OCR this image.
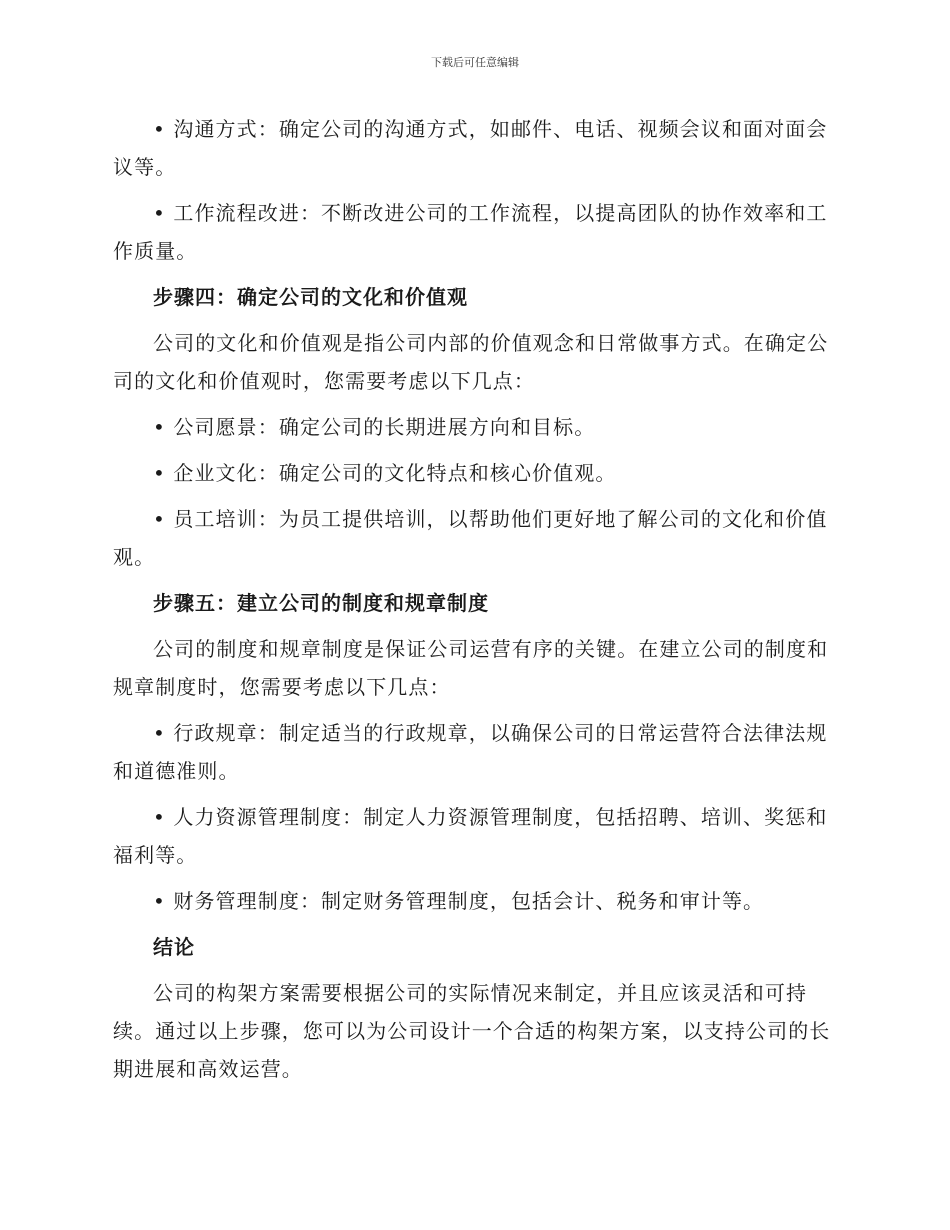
下载后可任意编辑

• 沟通方式：确定公司的沟通方式，如邮件、电话、视频会议和面对面会议等。

• 工作流程改进：不断改进公司的工作流程，以提高团队的协作效率和工作质量。

步骤四：确定公司的文化和价值观

公司的文化和价值观是指公司内部的价值观念和日常做事方式。在确定公司的文化和价值观时，您需要考虑以下几点：

• 公司愿景：确定公司的长期进展方向和目标。

• 企业文化：确定公司的文化特点和核心价值观。

• 员工培训：为员工提供培训，以帮助他们更好地了解公司的文化和价值观。

步骤五：建立公司的制度和规章制度

公司的制度和规章制度是保证公司运营有序的关键。在建立公司的制度和规章制度时，您需要考虑以下几点：

• 行政规章：制定适当的行政规章，以确保公司的日常运营符合法律法规和道德准则。

• 人力资源管理制度：制定人力资源管理制度，包括招聘、培训、奖惩和福利等。

• 财务管理制度：制定财务管理制度，包括会计、税务和审计等。

结论

公司的构架方案需要根据公司的实际情况来制定，并且应该灵活和可持续。通过以上步骤，您可以为公司设计一个合适的构架方案，以支持公司的长期进展和高效运营。
